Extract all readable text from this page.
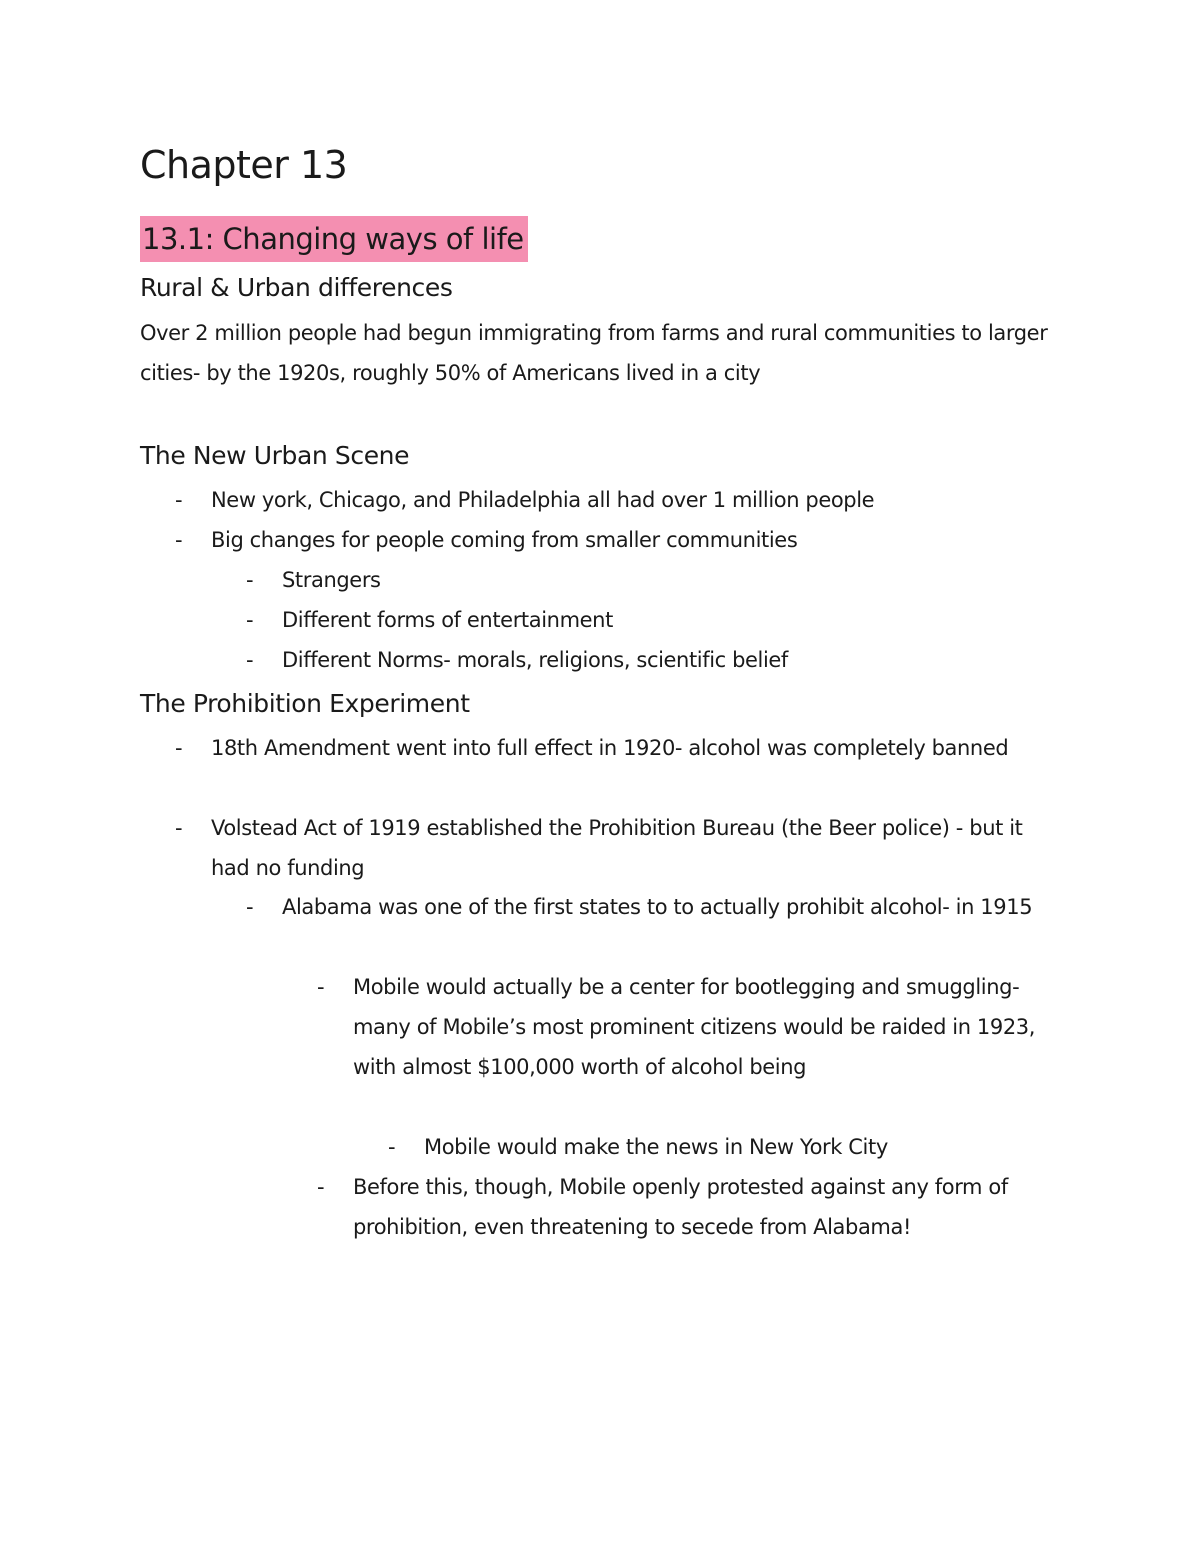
Chapter 13
13.1: Changing ways of life
Rural & Urban differences

Over 2 million people had begun immigrating from farms and rural communities to larger cities- by the 1920s, roughly 50% of Americans lived in a city

The New Urban Scene
- New york, Chicago, and Philadelphia all had over 1 million people
- Big changes for people coming from smaller communities
- Strangers
- Different forms of entertainment
- Different Norms- morals, religions, scientific belief
The Prohibition Experiment
- 18th Amendment went into full effect in 1920- alcohol was completely banned
- Volstead Act of 1919 established the Prohibition Bureau (the Beer police) - but it had no funding
- Alabama was one of the first states to to actually prohibit alcohol- in 1915
- Mobile would actually be a center for bootlegging and smuggling- many of Mobile’s most prominent citizens would be raided in 1923, with almost $100,000 worth of alcohol being
- Mobile would make the news in New York City
- Before this, though, Mobile openly protested against any form of prohibition, even threatening to secede from Alabama!
